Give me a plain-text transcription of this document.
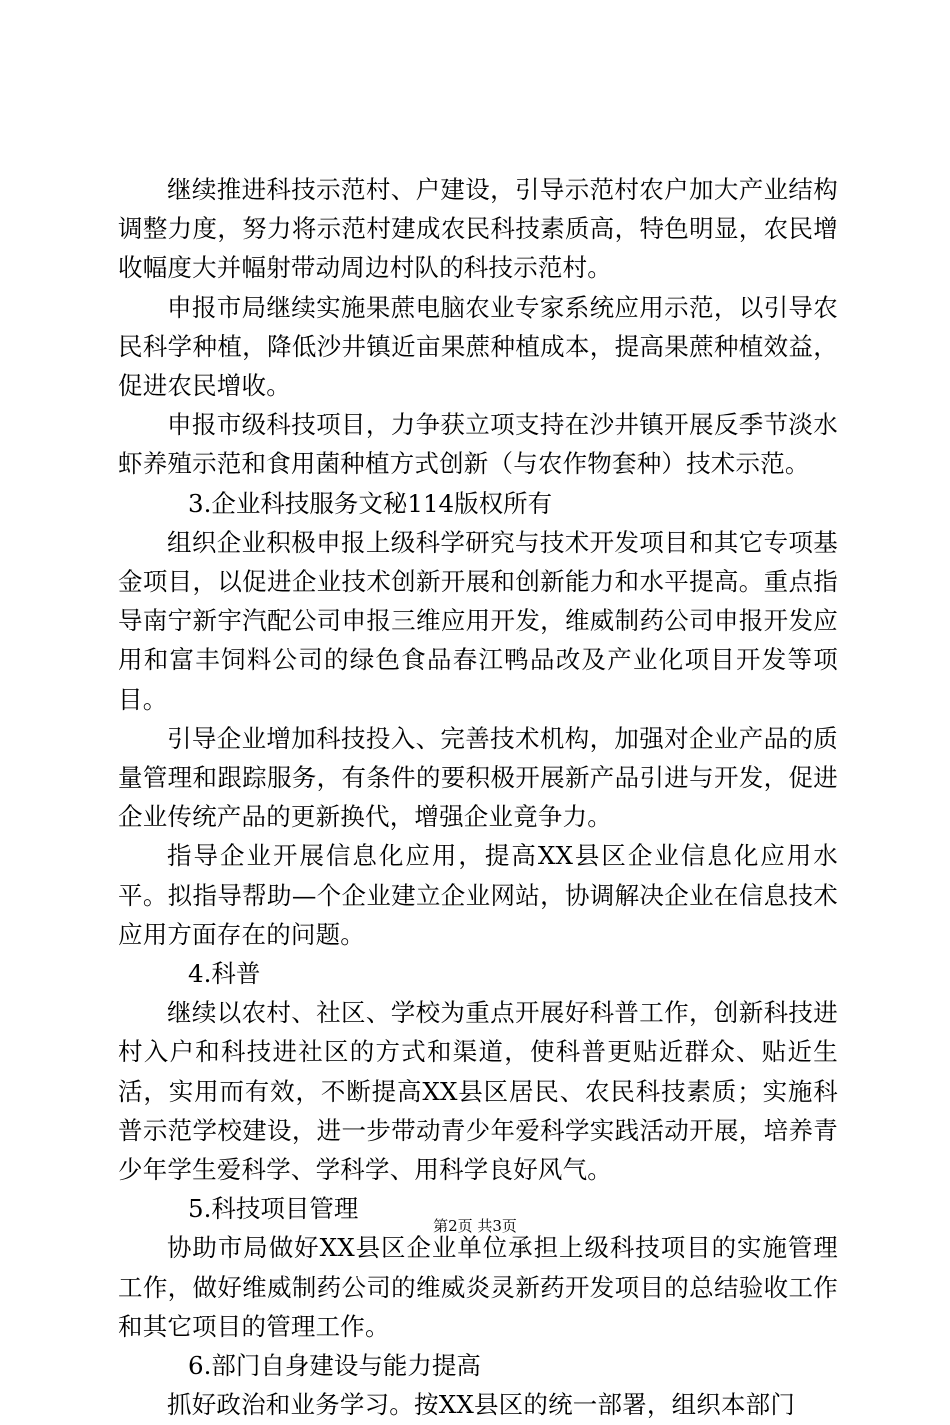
继续推进科技示范村、户建设，引导示范村农户加大产业结构调整力度，努力将示范村建成农民科技素质高，特色明显，农民增收幅度大并幅射带动周边村队的科技示范村。

申报市局继续实施果蔗电脑农业专家系统应用示范，以引导农民科学种植，降低沙井镇近亩果蔗种植成本，提高果蔗种植效益，促进农民增收。

申报市级科技项目，力争获立项支持在沙井镇开展反季节淡水虾养殖示范和食用菌种植方式创新（与农作物套种）技术示范。

3.企业科技服务文秘114版权所有

组织企业积极申报上级科学研究与技术开发项目和其它专项基金项目，以促进企业技术创新开展和创新能力和水平提高。重点指导南宁新宇汽配公司申报三维应用开发，维威制药公司申报开发应用和富丰饲料公司的绿色食品春江鸭品改及产业化项目开发等项目。

引导企业增加科技投入、完善技术机构，加强对企业产品的质量管理和跟踪服务，有条件的要积极开展新产品引进与开发，促进企业传统产品的更新换代，增强企业竟争力。

指导企业开展信息化应用，提高XX县区企业信息化应用水平。拟指导帮助—个企业建立企业网站，协调解决企业在信息技术应用方面存在的问题。

4.科普

继续以农村、社区、学校为重点开展好科普工作，创新科技进村入户和科技进社区的方式和渠道，使科普更贴近群众、贴近生活，实用而有效，不断提高XX县区居民、农民科技素质；实施科普示范学校建设，进一步带动青少年爱科学实践活动开展，培养青少年学生爱科学、学科学、用科学良好风气。

5.科技项目管理

协助市局做好XX县区企业单位承担上级科技项目的实施管理工作，做好维威制药公司的维威炎灵新药开发项目的总结验收工作和其它项目的管理工作。

6.部门自身建设与能力提高

抓好政治和业务学习。按XX县区的统一部署，组织本部门

第2页 共3页
